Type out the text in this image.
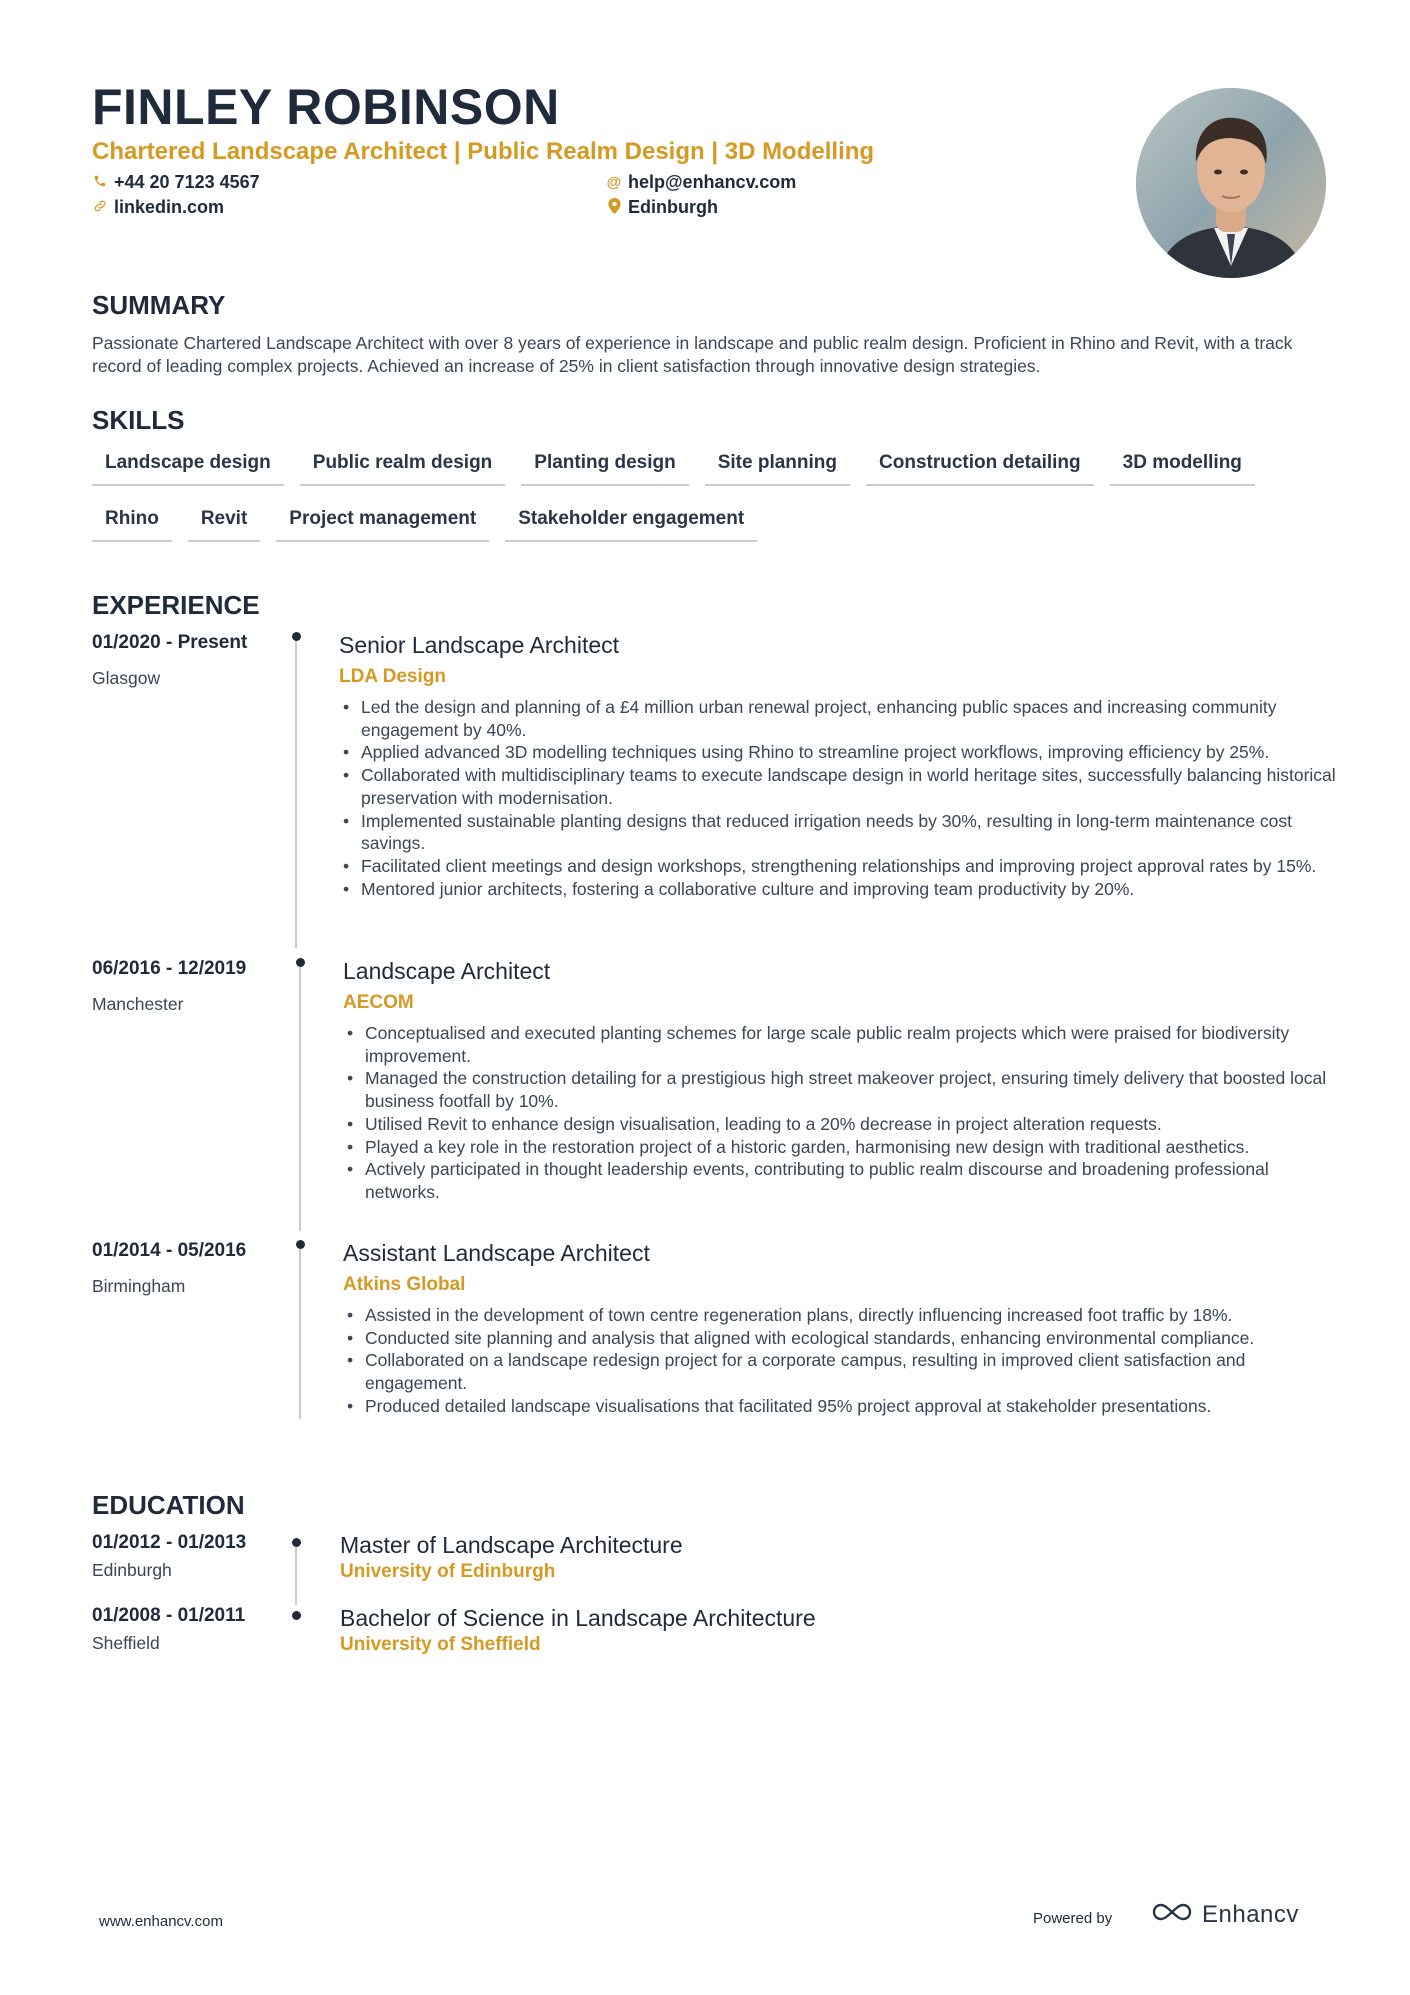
FINLEY ROBINSON
Chartered Landscape Architect | Public Realm Design | 3D Modelling
+44 20 7123 4567
linkedin.com
@ help@enhancv.com
Edinburgh
SUMMARY
Passionate Chartered Landscape Architect with over 8 years of experience in landscape and public realm design. Proficient in Rhino and Revit, with a track record of leading complex projects. Achieved an increase of 25% in client satisfaction through innovative design strategies.
SKILLS
Landscape design	Public realm design	Planting design	Site planning	Construction detailing	3D modelling
Rhino	Revit	Project management	Stakeholder engagement
EXPERIENCE
01/2020 - Present
Glasgow
Senior Landscape Architect
LDA Design
• Led the design and planning of a £4 million urban renewal project, enhancing public spaces and increasing community engagement by 40%.
• Applied advanced 3D modelling techniques using Rhino to streamline project workflows, improving efficiency by 25%.
• Collaborated with multidisciplinary teams to execute landscape design in world heritage sites, successfully balancing historical preservation with modernisation.
• Implemented sustainable planting designs that reduced irrigation needs by 30%, resulting in long-term maintenance cost savings.
• Facilitated client meetings and design workshops, strengthening relationships and improving project approval rates by 15%.
• Mentored junior architects, fostering a collaborative culture and improving team productivity by 20%.
06/2016 - 12/2019
Manchester
Landscape Architect
AECOM
• Conceptualised and executed planting schemes for large scale public realm projects which were praised for biodiversity improvement.
• Managed the construction detailing for a prestigious high street makeover project, ensuring timely delivery that boosted local business footfall by 10%.
• Utilised Revit to enhance design visualisation, leading to a 20% decrease in project alteration requests.
• Played a key role in the restoration project of a historic garden, harmonising new design with traditional aesthetics.
• Actively participated in thought leadership events, contributing to public realm discourse and broadening professional networks.
01/2014 - 05/2016
Birmingham
Assistant Landscape Architect
Atkins Global
• Assisted in the development of town centre regeneration plans, directly influencing increased foot traffic by 18%.
• Conducted site planning and analysis that aligned with ecological standards, enhancing environmental compliance.
• Collaborated on a landscape redesign project for a corporate campus, resulting in improved client satisfaction and engagement.
• Produced detailed landscape visualisations that facilitated 95% project approval at stakeholder presentations.
EDUCATION
01/2012 - 01/2013
Edinburgh
Master of Landscape Architecture
University of Edinburgh
01/2008 - 01/2011
Sheffield
Bachelor of Science in Landscape Architecture
University of Sheffield
www.enhancv.com	Powered by	Enhancv
